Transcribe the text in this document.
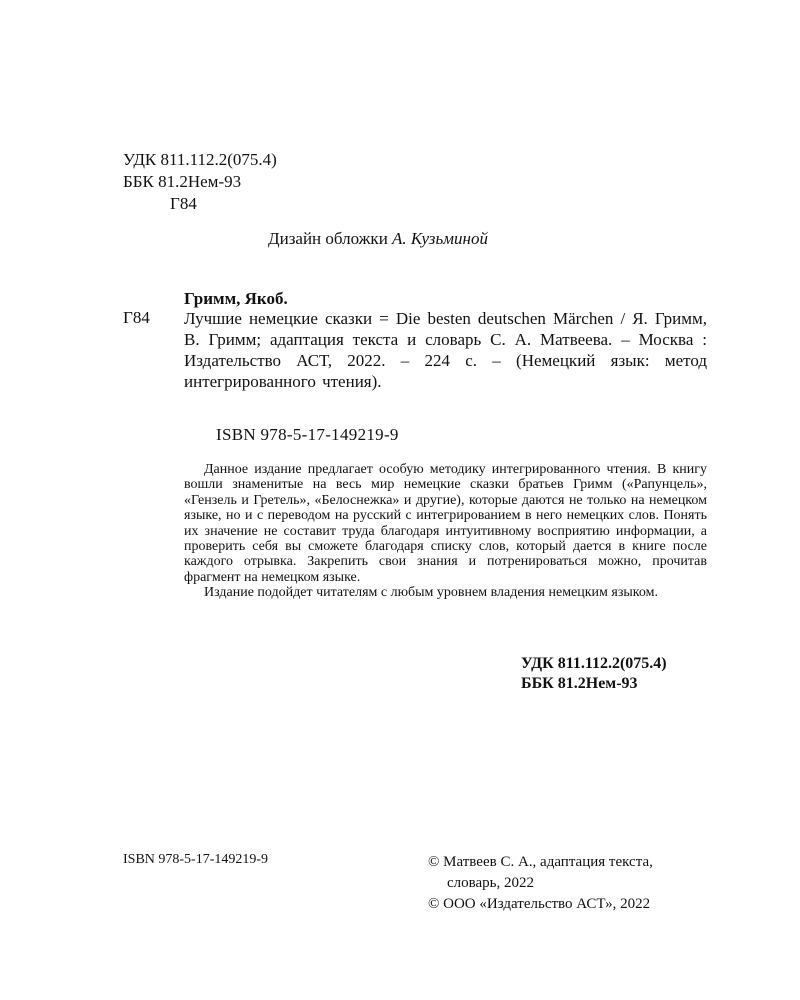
УДК 811.112.2(075.4)
ББК 81.2Нем-93
Г84
Дизайн обложки А. Кузьминой
Гримм, Якоб.
Г84 Лучшие немецкие сказки = Die besten deutschen Märchen / Я. Гримм, В. Гримм; адаптация текста и словарь С. А. Матвеева. – Москва : Издательство АСТ, 2022. – 224 с. – (Немецкий язык: метод интегрированного чтения).
ISBN 978-5-17-149219-9

Данное издание предлагает особую методику интегрированного чтения. В книгу вошли знаменитые на весь мир немецкие сказки братьев Гримм («Рапунцель», «Гензель и Гретель», «Белоснежка» и другие), которые даются не только на немецком языке, но и с переводом на русский с интегрированием в него немецких слов. Понять их значение не составит труда благодаря интуитивному восприятию информации, а проверить себя вы сможете благодаря списку слов, который дается в книге после каждого отрывка. Закрепить свои знания и потренироваться можно, прочитав фрагмент на немецком языке.

Издание подойдет читателям с любым уровнем владения немецким языком.

УДК 811.112.2(075.4)
ББК 81.2Нем-93
ISBN 978-5-17-149219-9	© Матвеев С. А., адаптация текста,
словарь, 2022
© ООО «Издательство АСТ», 2022
